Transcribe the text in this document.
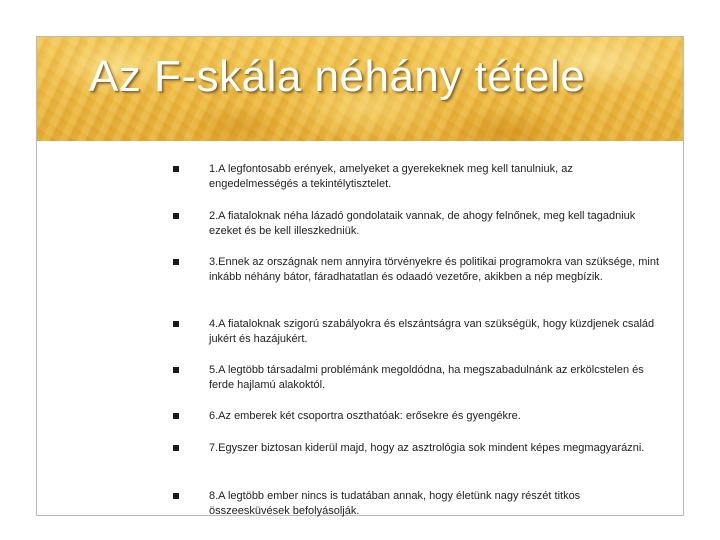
Az F-skála néhány tétele
1.A legfontosabb erények, amelyeket a gyerekeknek meg kell tanulniuk, az engedelmességés a tekintélytisztelet.
2.A fiataloknak néha lázadó gondolataik vannak, de ahogy felnőnek, meg kell tagadniuk ezeket és be kell illeszkedniük.
3.Ennek az országnak nem annyira törvényekre és politikai programokra van szüksége, mint inkább néhány bátor, fáradhatatlan és odaadó vezetőre, akikben a nép megbízik.
4.A fiataloknak szigorú szabályokra és elszántságra van szükségük, hogy küzdjenek család jukért és hazájukért.
5.A legtöbb társadalmi problémánk megoldódna, ha megszabadulnánk az erkölcstelen és ferde hajlamú alakoktól.
6.Az emberek két csoportra oszthatóak: erősekre és gyengékre.
7.Egyszer biztosan kiderül majd, hogy az asztrológia sok mindent képes megmagyarázni.
8.A legtöbb ember nincs is tudatában annak, hogy életünk nagy részét titkos összeesküvések befolyásolják.
